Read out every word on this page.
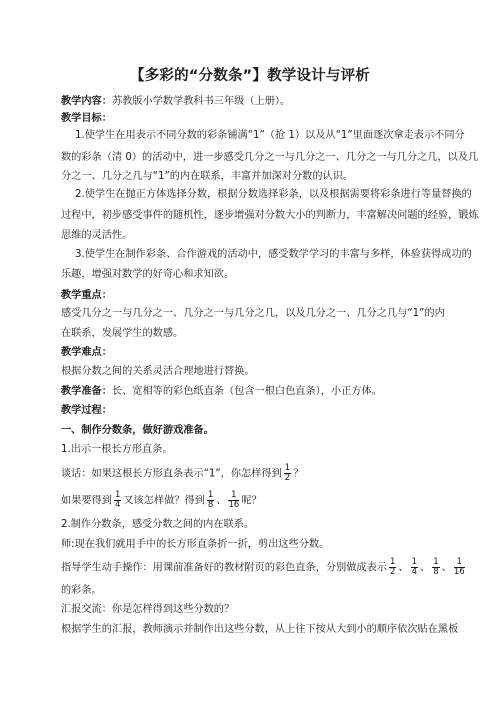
【多彩的“分数条”】教学设计与评析
教学内容：苏教版小学数学教科书三年级（上册）。
教学目标：
1.使学生在用表示不同分数的彩条铺满“1”（抢 1）以及从“1”里面逐次拿走表示不同分
数的彩条（清 0）的活动中，进一步感受几分之一与几分之一、几分之一与几分之几，以及几
分之一、几分之几与“1”的内在联系，丰富并加深对分数的认识。
2.使学生在抛正方体选择分数，根据分数选择彩条，以及根据需要将彩条进行等量替换的
过程中，初步感受事件的随机性，逐步增强对分数大小的判断力，丰富解决问题的经验，锻炼
思维的灵活性。
3.使学生在制作彩条、合作游戏的活动中，感受数学学习的丰富与多样，体验获得成功的
乐趣，增强对数学的好奇心和求知欲。
教学重点：
感受几分之一与几分之一、几分之一与几分之几，以及几分之一、几分之几与“1”的内
在联系，发展学生的数感。
教学难点：
根据分数之间的关系灵活合理地进行替换。
教学准备：长、宽相等的彩色纸直条（包含一根白色直条），小正方体。
教学过程：
一、制作分数条，做好游戏准备。
1.出示一根长方形直条。
谈话：如果这根长方形直条表示“1”，你怎样得到 $\frac{1}{2}$ ？
如果要得到 $\frac{1}{4}$ 又该怎样做？得到 $\frac{1}{8}$ 、 $\frac{1}{16}$ 呢？
2.制作分数条，感受分数之间的内在联系。
师:现在我们就用手中的长方形直条折一折，剪出这些分数。
指导学生动手操作：用课前准备好的教材附页的彩色直条，分别做成表示 $\frac{1}{2}$ 、 $\frac{1}{4}$ 、 $\frac{1}{8}$ 、 $\frac{1}{16}$
的彩条。
汇报交流：你是怎样得到这些分数的？
根据学生的汇报，教师演示并制作出这些分数，从上往下按从大到小的顺序依次贴在黑板
